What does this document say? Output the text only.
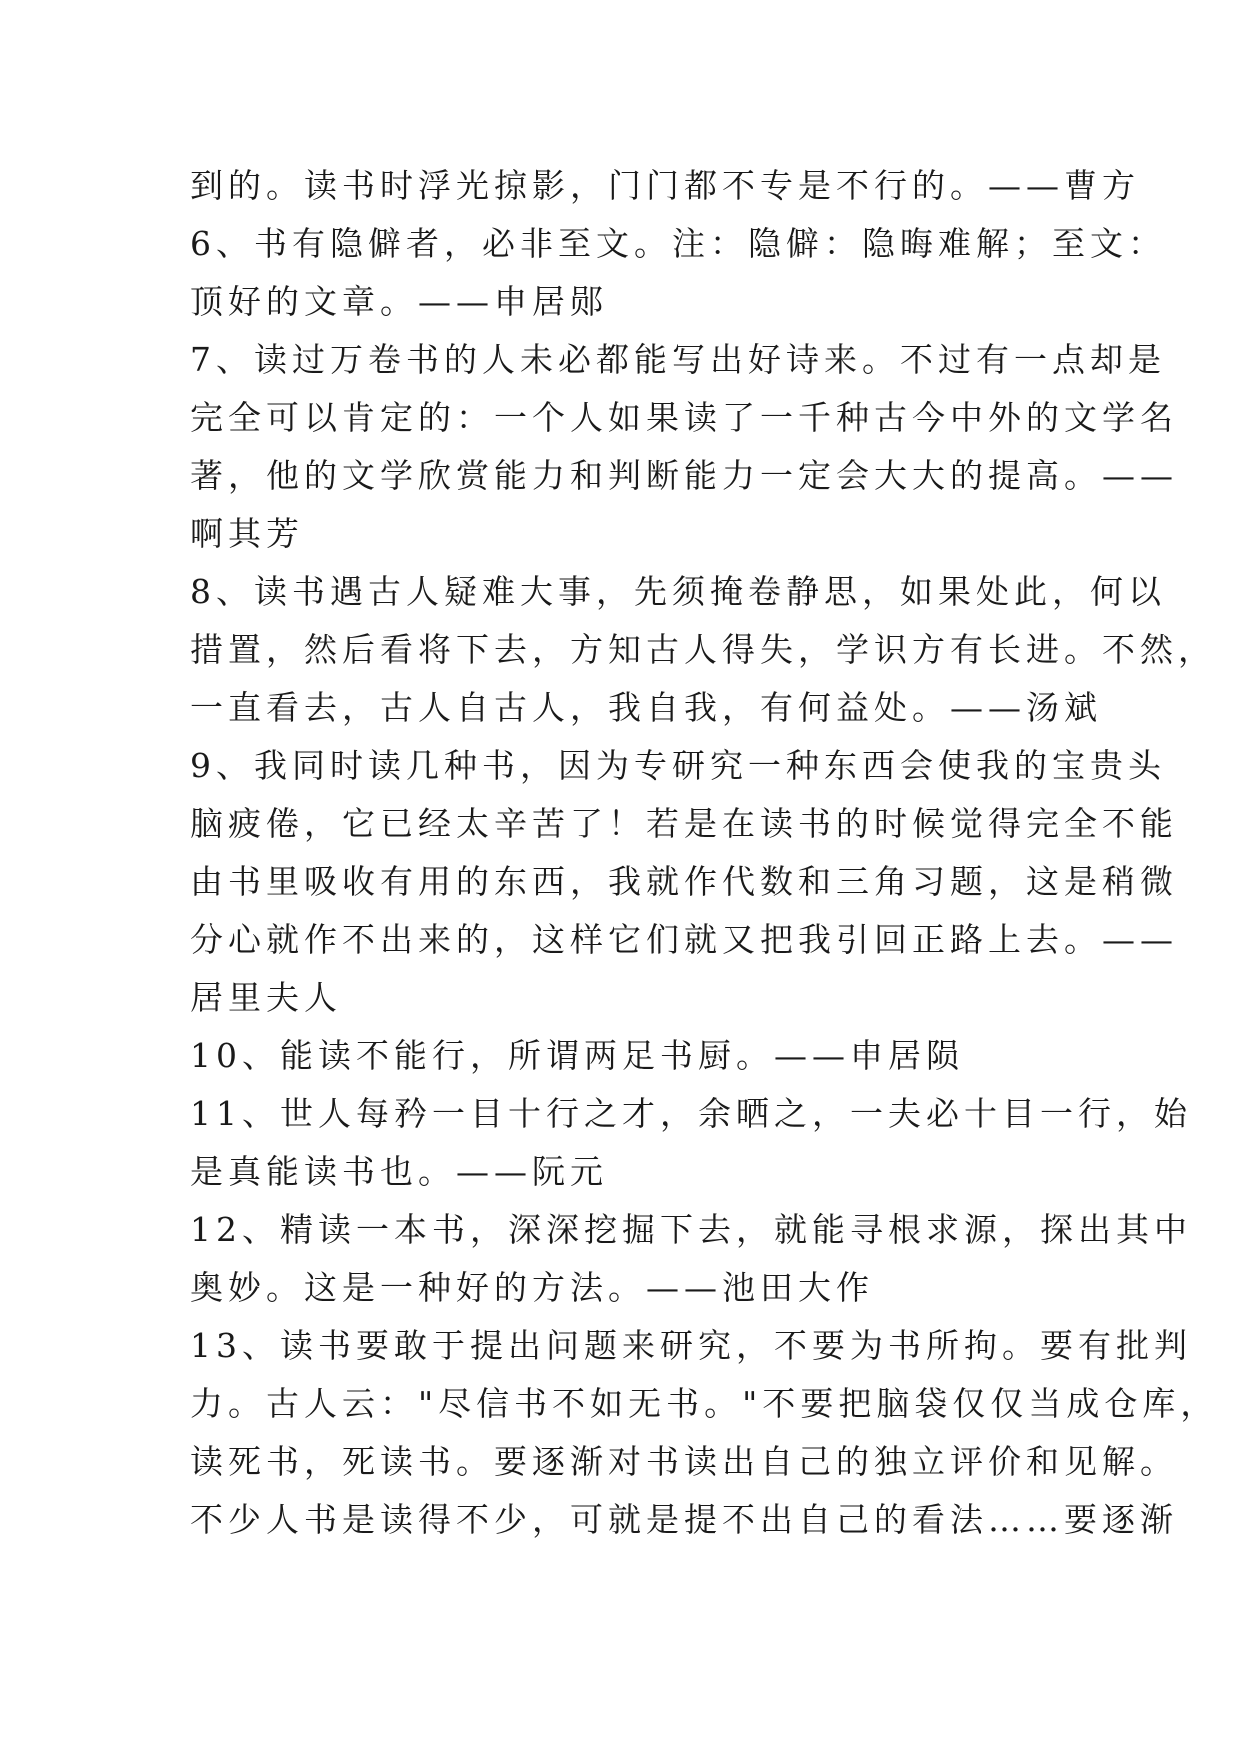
到的。读书时浮光掠影，门门都不专是不行的。——曹方
6、书有隐僻者，必非至文。注：隐僻：隐晦难解；至文：
顶好的文章。——申居郧
7、读过万卷书的人未必都能写出好诗来。不过有一点却是
完全可以肯定的：一个人如果读了一千种古今中外的文学名
著，他的文学欣赏能力和判断能力一定会大大的提高。——
啊其芳
8、读书遇古人疑难大事，先须掩卷静思，如果处此，何以
措置，然后看将下去，方知古人得失，学识方有长进。不然，
一直看去，古人自古人，我自我，有何益处。——汤斌
9、我同时读几种书，因为专研究一种东西会使我的宝贵头
脑疲倦，它已经太辛苦了！若是在读书的时候觉得完全不能
由书里吸收有用的东西，我就作代数和三角习题，这是稍微
分心就作不出来的，这样它们就又把我引回正路上去。——
居里夫人
10、能读不能行，所谓两足书厨。——申居陨
11、世人每矜一目十行之才，余晒之，一夫必十目一行，始
是真能读书也。——阮元
12、精读一本书，深深挖掘下去，就能寻根求源，探出其中
奥妙。这是一种好的方法。——池田大作
13、读书要敢于提出问题来研究，不要为书所拘。要有批判
力。古人云："尽信书不如无书。"不要把脑袋仅仅当成仓库，
读死书，死读书。要逐渐对书读出自己的独立评价和见解。
不少人书是读得不少，可就是提不出自己的看法……要逐渐
